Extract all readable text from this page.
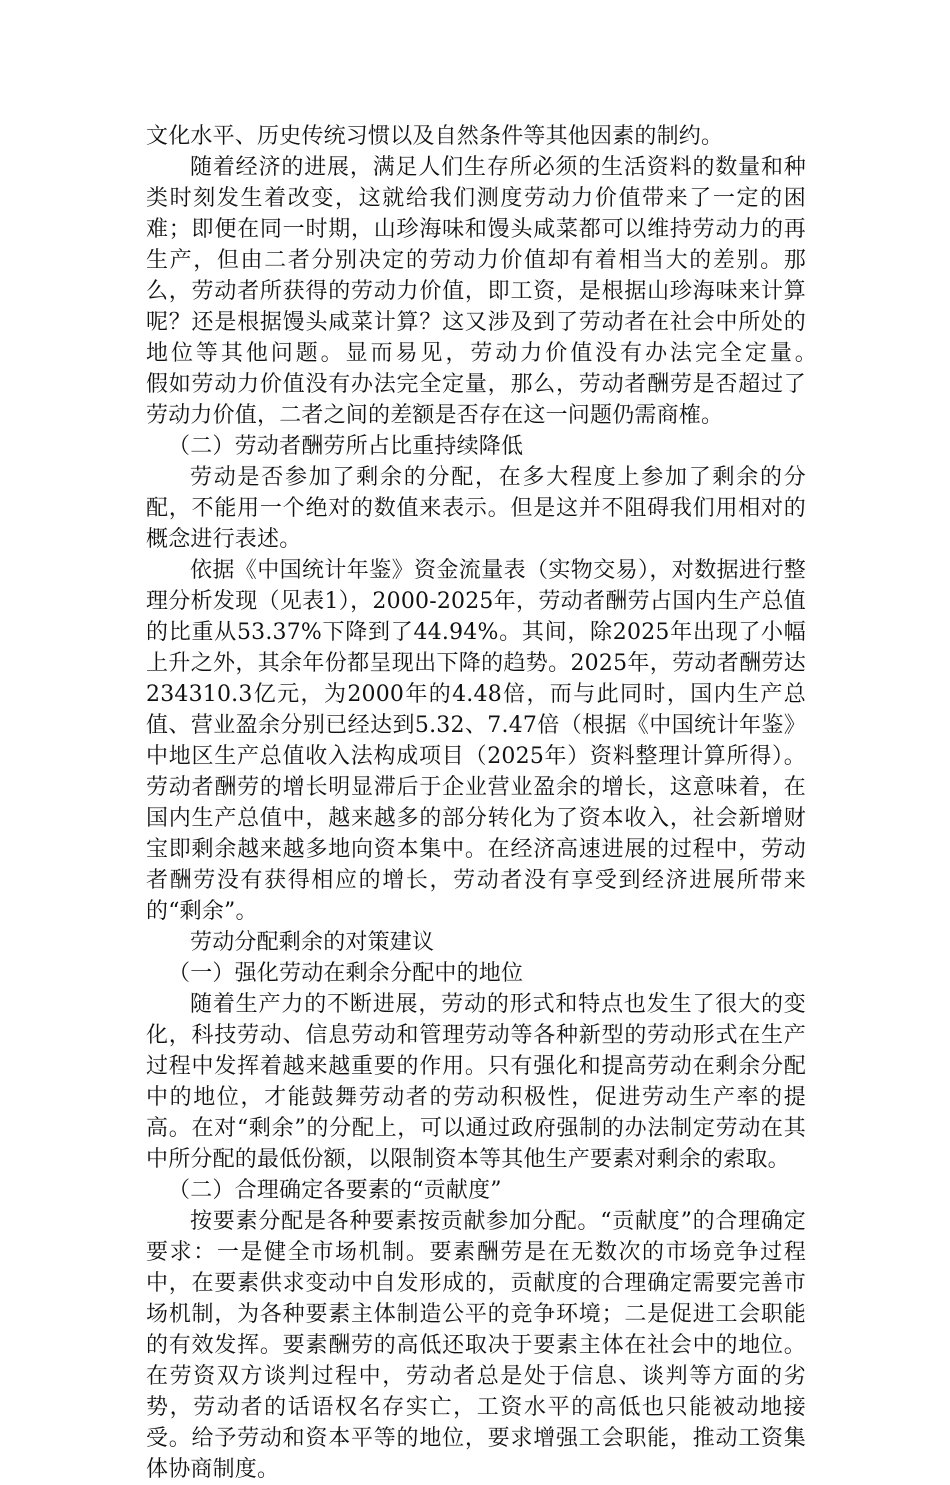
文化水平、历史传统习惯以及自然条件等其他因素的制约。

随着经济的进展，满足人们生存所必须的生活资料的数量和种类时刻发生着改变，这就给我们测度劳动力价值带来了一定的困难；即便在同一时期，山珍海味和馒头咸菜都可以维持劳动力的再生产，但由二者分别决定的劳动力价值却有着相当大的差别。那么，劳动者所获得的劳动力价值，即工资，是根据山珍海味来计算呢？还是根据馒头咸菜计算？这又涉及到了劳动者在社会中所处的地位等其他问题。显而易见，劳动力价值没有办法完全定量。　　　假如劳动力价值没有办法完全定量，那么，劳动者酬劳是否超过了劳动力价值，二者之间的差额是否存在这一问题仍需商榷。

（二）劳动者酬劳所占比重持续降低

劳动是否参加了剩余的分配，在多大程度上参加了剩余的分配，不能用一个绝对的数值来表示。但是这并不阻碍我们用相对的概念进行表述。

依据《中国统计年鉴》资金流量表（实物交易），对数据进行整理分析发现（见表1），2000-2025年，劳动者酬劳占国内生产总值的比重从53.37%下降到了44.94%。其间，除2025年出现了小幅上升之外，其余年份都呈现出下降的趋势。2025年，劳动者酬劳达234310.3亿元，为2000年的4.48倍，而与此同时，国内生产总值、营业盈余分别已经达到5.32、7.47倍（根据《中国统计年鉴》中地区生产总值收入法构成项目（2025年）资料整理计算所得）。劳动者酬劳的增长明显滞后于企业营业盈余的增长，这意味着，在国内生产总值中，越来越多的部分转化为了资本收入，社会新增财宝即剩余越来越多地向资本集中。在经济高速进展的过程中，劳动者酬劳没有获得相应的增长，劳动者没有享受到经济进展所带来的“剩余”。

劳动分配剩余的对策建议

（一）强化劳动在剩余分配中的地位

随着生产力的不断进展，劳动的形式和特点也发生了很大的变化，科技劳动、信息劳动和管理劳动等各种新型的劳动形式在生产过程中发挥着越来越重要的作用。只有强化和提高劳动在剩余分配中的地位，才能鼓舞劳动者的劳动积极性，促进劳动生产率的提高。在对“剩余”的分配上，可以通过政府强制的办法制定劳动在其中所分配的最低份额，以限制资本等其他生产要素对剩余的索取。

（二）合理确定各要素的“贡献度”

按要素分配是各种要素按贡献参加分配。“贡献度”的合理确定要求：一是健全市场机制。要素酬劳是在无数次的市场竞争过程中，在要素供求变动中自发形成的，贡献度的合理确定需要完善市场机制，为各种要素主体制造公平的竞争环境；二是促进工会职能的有效发挥。要素酬劳的高低还取决于要素主体在社会中的地位。在劳资双方谈判过程中，劳动者总是处于信息、谈判等方面的劣势，劳动者的话语权名存实亡，工资水平的高低也只能被动地接受。给予劳动和资本平等的地位，要求增强工会职能，推动工资集体协商制度。
